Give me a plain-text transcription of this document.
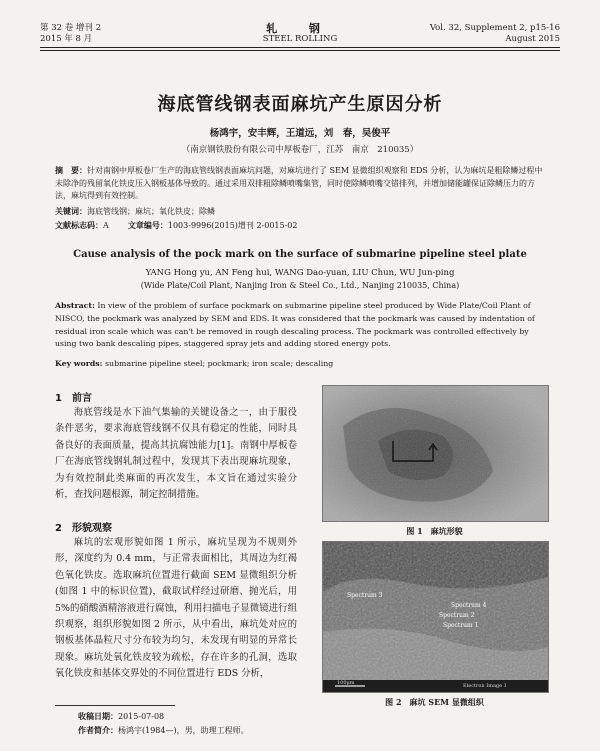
第 32 卷 增刊 2
2015 年 8 月
轧 钢
STEEL ROLLING
Vol. 32, Supplement 2, p15-16
August 2015
海底管线钢表面麻坑产生原因分析
杨鸿宇，安丰辉，王道远，刘　春，吴俊平
（南京钢铁股份有限公司中厚板卷厂，江苏　南京　210035）
摘　要：针对南钢中厚板卷厂生产的海底管线钢表面麻坑问题，对麻坑进行了 SEM 显微组织观察和 EDS 分析，认为麻坑是粗除鳞过程中未除净的残留氧化铁皮压入钢板基体导致的。通过采用双排粗除鳞喷嘴集管，同时使除鳞喷嘴交错排列，并增加储能罐保证除鳞压力的方法，麻坑得到有效控制。
关键词：海底管线钢；麻坑；氧化铁皮；除鳞
文献标志码：A 文章编号：1003-9996(2015)增刊 2-0015-02
Cause analysis of the pock mark on the surface of submarine pipeline steel plate
YANG Hong yu, AN Feng hui, WANG Dao-yuan, LIU Chun, WU Jun-ping
(Wide Plate/Coil Plant, Nanjing Iron & Steel Co., Ltd., Nanjing 210035, China)
Abstract: In view of the problem of surface pockmark on submarine pipeline steel produced by Wide Plate/Coil Plant of NISCO, the pockmark was analyzed by SEM and EDS. It was considered that the pockmark was caused by indentation of residual iron scale which was can't be removed in rough descaling process. The pockmark was controlled effectively by using two bank descaling pipes, staggered spray jets and adding stored energy pots.
Key words: submarine pipeline steel; pockmark; iron scale; descaling
1　前言

海底管线是水下油气集输的关键设备之一，由于服役条件恶劣，要求海底管线钢不仅具有稳定的性能，同时具备良好的表面质量，提高其抗腐蚀能力[1]。南钢中厚板卷厂在海底管线钢轧制过程中，发现其下表出现麻坑现象，为有效控制此类麻面的再次发生，本文旨在通过实验分析，查找问题根源，制定控制措施。

2　形貌观察

麻坑的宏观形貌如图 1 所示，麻坑呈现为不规则外形，深度约为 0.4 mm，与正常表面相比，其周边为红褐色氧化铁皮。选取麻坑位置进行截面 SEM 显微组织分析(如图 1 中的标识位置)，截取试样经过研磨、抛光后，用 5%的硝酸酒精溶液进行腐蚀，利用扫描电子显微镜进行组织观察，组织形貌如图 2 所示，从中看出，麻坑处对应的钢板基体晶粒尺寸分布较为均匀，未发现有明显的异常长现象。麻坑处氧化铁皮较为疏松，存在许多的孔洞，选取氧化铁皮和基体交界处的不同位置进行 EDS 分析，

图 1　麻坑形貌
Spectrum 3
Spectrum 4
Spectrum 2
Spectrum 1
100μm	Electron Image 1
图 2　麻坑 SEM 显微组织
收稿日期：2015-07-08
作者简介：杨鸿宇(1984—)，男，助理工程师。
